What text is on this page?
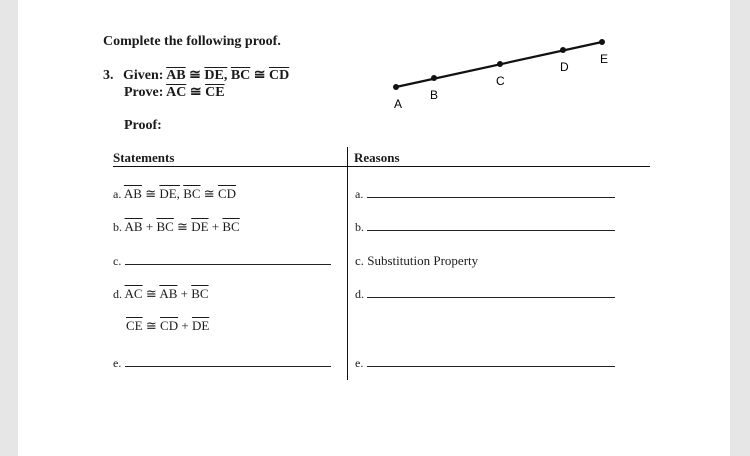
Complete the following proof.
3. Given: $\overline{AB}$ ≅ DE, $\overline{BC}$ ≅ $\overline{CD}$
Prove: $\overline{AC}$ ≅ $\overline{CE}$
Proof:
A
B
C
D
E
Statements	Reasons
a. $\overline{AB}$ ≅ DE, $\overline{BC}$ ≅ $\overline{CD}$	a.
b. $\overline{AB} + \overline{BC}$ ≅ $\overline{DE} + \overline{BC}$	b.
c.	c. Substitution Property
d. $\overline{AC}$ ≅ $\overline{AB} + \overline{BC}$	d.
$\overline{CE}$ ≅ $\overline{CD} + \overline{DE}$
e.	e.
